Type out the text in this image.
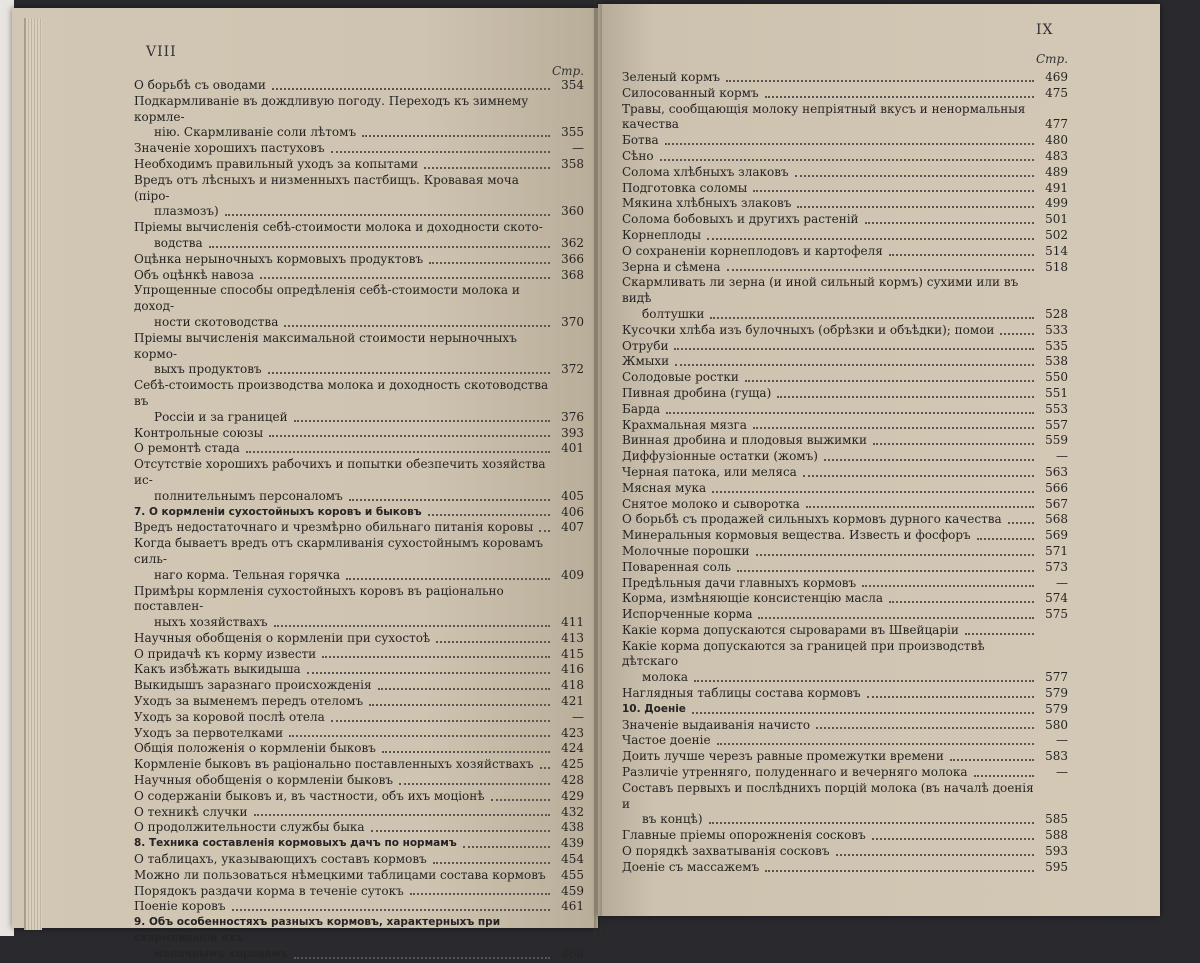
VIII
Стр.
IX
Стр.
О борьбѣ съ оводами	354
Подкармливаніе въ дождливую погоду. Переходъ къ зимнему кормле-
нію. Скармливаніе соли лѣтомъ	355
Значеніе хорошихъ пастуховъ	—
Необходимъ правильный уходъ за копытами	358
Вредъ отъ лѣсныхъ и низменныхъ пастбищъ. Кровавая моча (піро-
плазмозъ)	360
Пріемы вычисленія себѣ-стоимости молока и доходности ското-
водства	362
Оцѣнка нерыночныхъ кормовыхъ продуктовъ	366
Объ оцѣнкѣ навоза	368
Упрощенные способы опредѣленія себѣ-стоимости молока и доход-
ности скотоводства	370
Пріемы вычисленія максимальной стоимости нерыночныхъ кормо-
выхъ продуктовъ	372
Себѣ-стоимость производства молока и доходность скотоводства въ
Россіи и за границей	376
Контрольные союзы	393
О ремонтѣ стада	401
Отсутствіе хорошихъ рабочихъ и попытки обезпечить хозяйства ис-
полнительнымъ персоналомъ	405
7. О кормленіи сухостойныхъ коровъ и быковъ	406
Вредъ недостаточнаго и чрезмѣрно обильнаго питанія коровы	407
Когда бываетъ вредъ отъ скармливанія сухостойнымъ коровамъ силь-
наго корма. Тельная горячка	409
Примѣры кормленія сухостойныхъ коровъ въ раціонально поставлен-
ныхъ хозяйствахъ	411
Научныя обобщенія о кормленіи при сухостоѣ	413
О придачѣ къ корму извести	415
Какъ избѣжать выкидыша	416
Выкидышъ заразнаго происхожденія	418
Уходъ за выменемъ передъ отеломъ	421
Уходъ за коровой послѣ отела	—
Уходъ за первотелками	423
Общія положенія о кормленіи быковъ	424
Кормленіе быковъ въ раціонально поставленныхъ хозяйствахъ	425
Научныя обобщенія о кормленіи быковъ	428
О содержаніи быковъ и, въ частности, объ ихъ моціонѣ	429
О техникѣ случки	432
О продолжительности службы быка	438
8. Техника составленія кормовыхъ дачъ по нормамъ	439
О таблицахъ, указывающихъ составъ кормовъ	454
Можно ли пользоваться нѣмецкими таблицами состава кормовъ	455
Порядокъ раздачи корма в теченіе сутокъ	459
Поеніе коровъ	461
9. Объ особенностяхъ разныхъ кормовъ, характерныхъ при скармливаніи ихъ
молочнымъ коровамъ	468
Зеленый кормъ	469
Силосованный кормъ	475
Травы, сообщающія молоку непріятный вкусъ и ненормальныя качества	477
Ботва	480
Сѣно	483
Солома хлѣбныхъ злаковъ	489
Подготовка соломы	491
Мякина хлѣбныхъ злаковъ	499
Солома бобовыхъ и другихъ растеній	501
Корнеплоды	502
О сохраненіи корнеплодовъ и картофеля	514
Зерна и сѣмена	518
Скармливать ли зерна (и иной сильный кормъ) сухими или въ видѣ
болтушки	528
Кусочки хлѣба изъ булочныхъ (обрѣзки и объѣдки); помои	533
Отруби	535
Жмыхи	538
Солодовые ростки	550
Пивная дробина (гуща)	551
Барда	553
Крахмальная мязга	557
Винная дробина и плодовыя выжимки	559
Диффузіонные остатки (жомъ)	—
Черная патока, или меляса	563
Мясная мука	566
Снятое молоко и сыворотка	567
О борьбѣ съ продажей сильныхъ кормовъ дурного качества	568
Минеральныя кормовыя вещества. Известь и фосфоръ	569
Молочные порошки	571
Поваренная соль	573
Предѣльныя дачи главныхъ кормовъ	—
Корма, измѣняющіе консистенцію масла	574
Испорченные корма	575
Какіе корма допускаются сыроварами въ Швейцаріи
Какіе корма допускаются за границей при производствѣ дѣтскаго
молока	577
Наглядныя таблицы состава кормовъ	579
10. Доеніе	579
Значеніе выдаиванія начисто	580
Частое доеніе	—
Доить лучше черезъ равные промежутки времени	583
Различіе утренняго, полуденнаго и вечерняго молока	—
Составъ первыхъ и послѣднихъ порцій молока (въ началѣ доенія и
въ концѣ)	585
Главные пріемы опорожненія сосковъ	588
О порядкѣ захватыванія сосковъ	593
Доеніе съ массажемъ	595
